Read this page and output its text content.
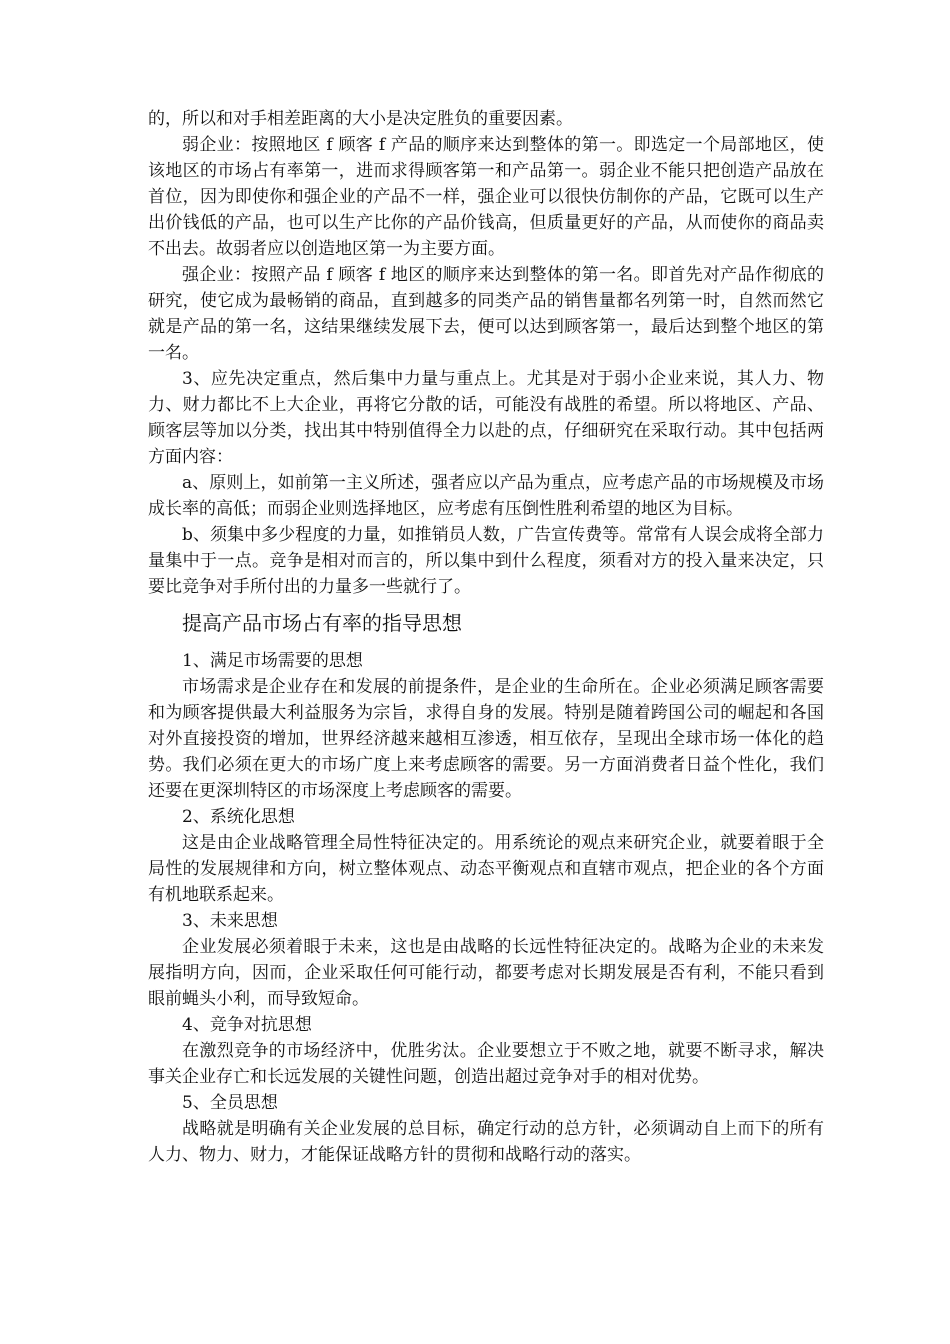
的，所以和对手相差距离的大小是决定胜负的重要因素。

弱企业：按照地区 f 顾客 f 产品的顺序来达到整体的第一。即选定一个局部地区，使该地区的市场占有率第一，进而求得顾客第一和产品第一。弱企业不能只把创造产品放在首位，因为即使你和强企业的产品不一样，强企业可以很快仿制你的产品，它既可以生产出价钱低的产品，也可以生产比你的产品价钱高，但质量更好的产品，从而使你的商品卖不出去。故弱者应以创造地区第一为主要方面。

强企业：按照产品 f 顾客 f 地区的顺序来达到整体的第一名。即首先对产品作彻底的研究，使它成为最畅销的商品，直到越多的同类产品的销售量都名列第一时，自然而然它就是产品的第一名，这结果继续发展下去，便可以达到顾客第一，最后达到整个地区的第一名。

3、应先决定重点，然后集中力量与重点上。尤其是对于弱小企业来说，其人力、物力、财力都比不上大企业，再将它分散的话，可能没有战胜的希望。所以将地区、产品、顾客层等加以分类，找出其中特别值得全力以赴的点，仔细研究在采取行动。其中包括两方面内容：

a、原则上，如前第一主义所述，强者应以产品为重点，应考虑产品的市场规模及市场成长率的高低；而弱企业则选择地区，应考虑有压倒性胜利希望的地区为目标。

b、须集中多少程度的力量，如推销员人数，广告宣传费等。常常有人误会成将全部力量集中于一点。竞争是相对而言的，所以集中到什么程度，须看对方的投入量来决定，只要比竞争对手所付出的力量多一些就行了。

提高产品市场占有率的指导思想

1、满足市场需要的思想

市场需求是企业存在和发展的前提条件，是企业的生命所在。企业必须满足顾客需要和为顾客提供最大利益服务为宗旨，求得自身的发展。特别是随着跨国公司的崛起和各国对外直接投资的增加，世界经济越来越相互渗透，相互依存，呈现出全球市场一体化的趋势。我们必须在更大的市场广度上来考虑顾客的需要。另一方面消费者日益个性化，我们还要在更深圳特区的市场深度上考虑顾客的需要。

2、系统化思想

这是由企业战略管理全局性特征决定的。用系统论的观点来研究企业，就要着眼于全局性的发展规律和方向，树立整体观点、动态平衡观点和直辖市观点，把企业的各个方面有机地联系起来。

3、未来思想

企业发展必须着眼于未来，这也是由战略的长远性特征决定的。战略为企业的未来发展指明方向，因而，企业采取任何可能行动，都要考虑对长期发展是否有利，不能只看到眼前蝇头小利，而导致短命。

4、竞争对抗思想

在激烈竞争的市场经济中，优胜劣汰。企业要想立于不败之地，就要不断寻求，解决事关企业存亡和长远发展的关键性问题，创造出超过竞争对手的相对优势。

5、全员思想

战略就是明确有关企业发展的总目标，确定行动的总方针，必须调动自上而下的所有人力、物力、财力，才能保证战略方针的贯彻和战略行动的落实。
